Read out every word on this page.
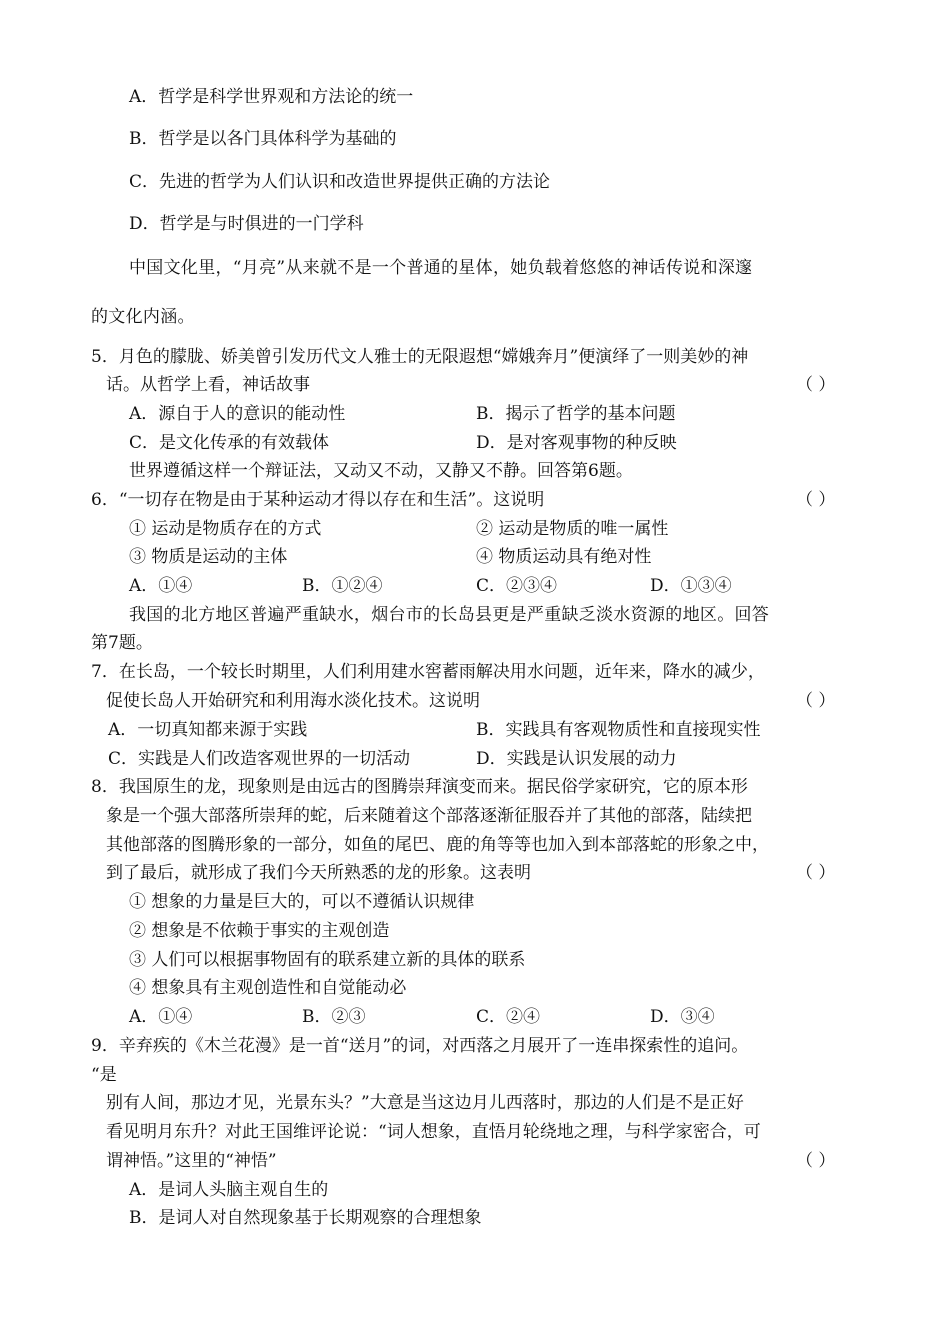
A．哲学是科学世界观和方法论的统一
B．哲学是以各门具体科学为基础的
C．先进的哲学为人们认识和改造世界提供正确的方法论
D．哲学是与时俱进的一门学科
中国文化里，“月亮”从来就不是一个普通的星体，她负载着悠悠的神话传说和深邃
的文化内涵。
5．月色的朦胧、娇美曾引发历代文人雅士的无限遐想“嫦娥奔月”便演绎了一则美妙的神
话。从哲学上看，神话故事	（ ）
A．源自于人的意识的能动性	B．揭示了哲学的基本问题
C．是文化传承的有效载体	D．是对客观事物的种反映
世界遵循这样一个辩证法，又动又不动，又静又不静。回答第6题。
6．“一切存在物是由于某种运动才得以存在和生活”。这说明	（ ）
① 运动是物质存在的方式	② 运动是物质的唯一属性
③ 物质是运动的主体	④ 物质运动具有绝对性
A．①④	B．①②④	C．②③④	D．①③④
我国的北方地区普遍严重缺水，烟台市的长岛县更是严重缺乏淡水资源的地区。回答
第7题。
7．在长岛，一个较长时期里，人们利用建水窖蓄雨解决用水问题，近年来，降水的减少，
促使长岛人开始研究和利用海水淡化技术。这说明	（ ）
A．一切真知都来源于实践	B．实践具有客观物质性和直接现实性
C．实践是人们改造客观世界的一切活动	D．实践是认识发展的动力
8．我国原生的龙，现象则是由远古的图腾崇拜演变而来。据民俗学家研究，它的原本形
象是一个强大部落所崇拜的蛇，后来随着这个部落逐渐征服吞并了其他的部落，陆续把
其他部落的图腾形象的一部分，如鱼的尾巴、鹿的角等等也加入到本部落蛇的形象之中，
到了最后，就形成了我们今天所熟悉的龙的形象。这表明	（ ）
① 想象的力量是巨大的，可以不遵循认识规律
② 想象是不依赖于事实的主观创造
③ 人们可以根据事物固有的联系建立新的具体的联系
④ 想象具有主观创造性和自觉能动必
A．①④	B．②③	C．②④	D．③④
9．辛弃疾的《木兰花漫》是一首“送月”的词，对西落之月展开了一连串探索性的追问。
“是
别有人间，那边才见，光景东头？”大意是当这边月儿西落时，那边的人们是不是正好
看见明月东升？对此王国维评论说：“词人想象，直悟月轮绕地之理，与科学家密合，可
谓神悟。”这里的“神悟”	（ ）
A．是词人头脑主观自生的
B．是词人对自然现象基于长期观察的合理想象
